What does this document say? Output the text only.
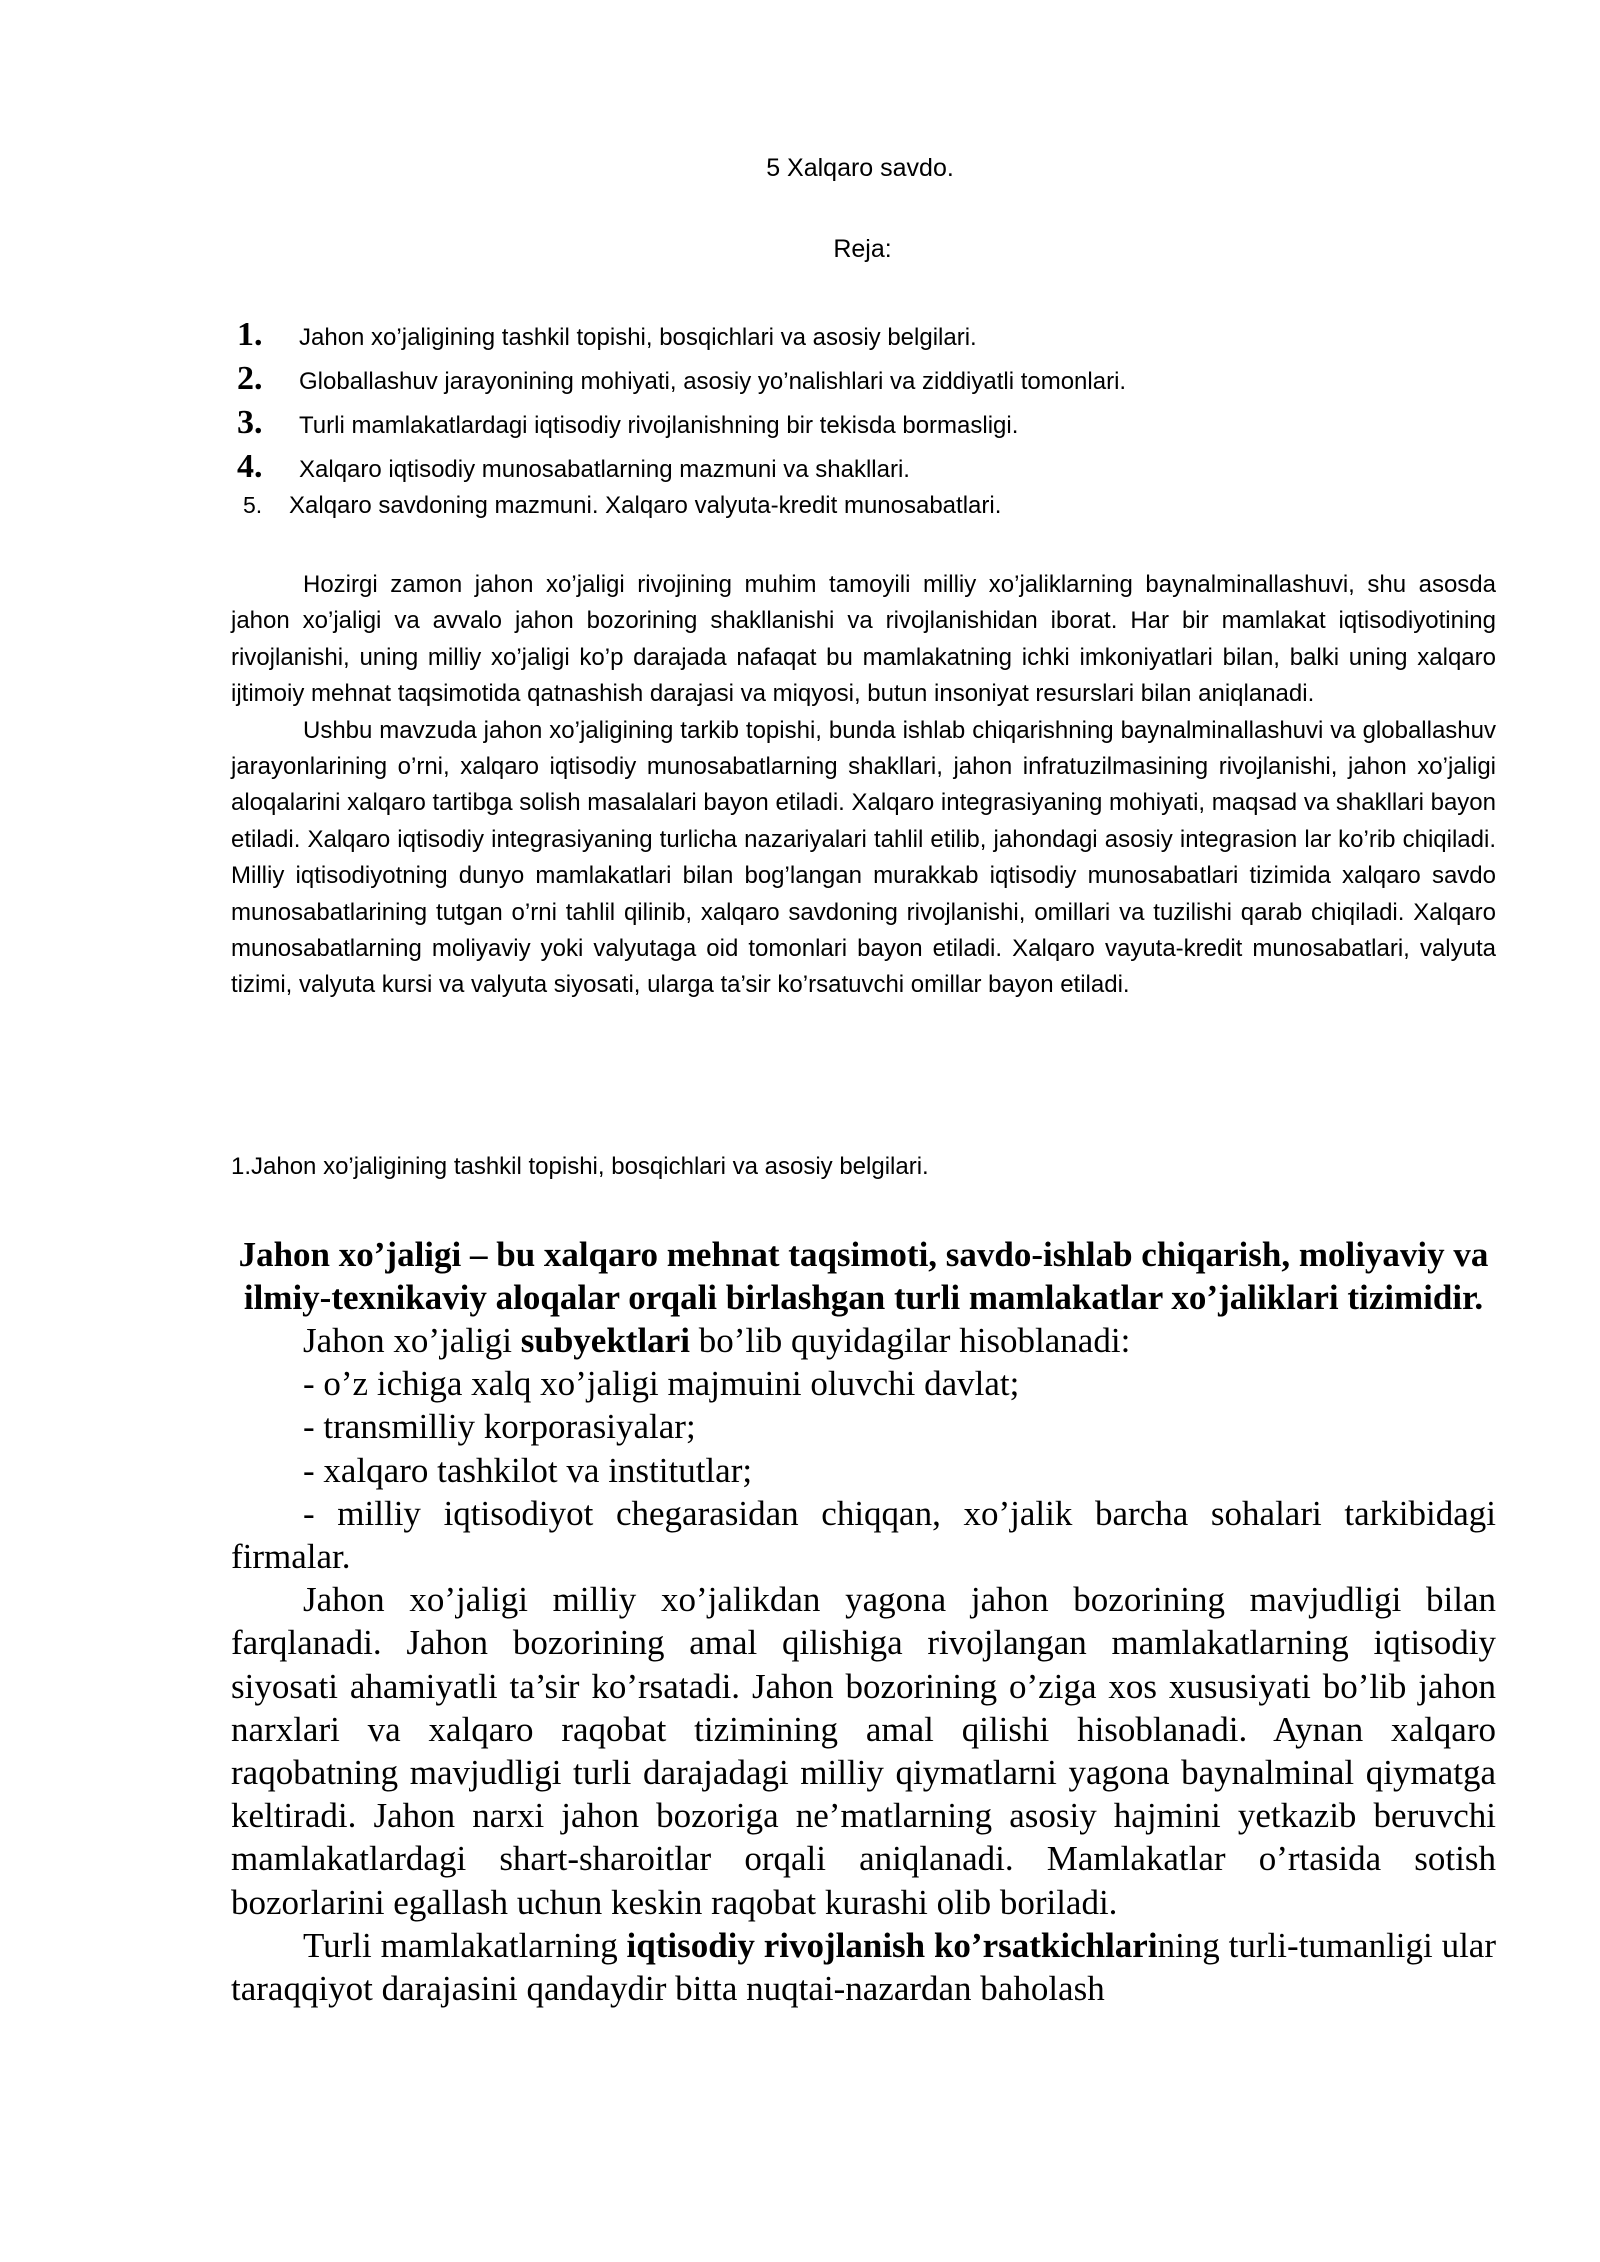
5 Xalqaro savdo.
Reja:
1.	Jahon xo’jaligining tashkil topishi, bosqichlari va asosiy belgilari.
2.	Globallashuv jarayonining mohiyati, asosiy yo’nalishlari va ziddiyatli tomonlari.
3.	Turli mamlakatlardagi iqtisodiy rivojlanishning bir tekisda bormasligi.
4.	Xalqaro iqtisodiy munosabatlarning mazmuni va shakllari.
5.	Xalqaro savdoning mazmuni. Xalqaro valyuta-kredit munosabatlari.

Hozirgi zamon jahon xo’jaligi rivojining muhim tamoyili milliy xo’jaliklarning baynalminallashuvi, shu asosda jahon xo’jaligi va avvalo jahon bozorining shakllanishi va rivojlanishidan iborat. Har bir mamlakat iqtisodiyotining rivojlanishi, uning milliy xo’jaligi ko’p darajada nafaqat bu mamlakatning ichki imkoniyatlari bilan, balki uning xalqaro ijtimoiy mehnat taqsimotida qatnashish darajasi va miqyosi, butun insoniyat resurslari bilan aniqlanadi.

Ushbu mavzuda jahon xo’jaligining tarkib topishi, bunda ishlab chiqarishning baynalminallashuvi va globallashuv jarayonlarining o’rni, xalqaro iqtisodiy munosabatlarning shakllari, jahon infratuzilmasining rivojlanishi, jahon xo’jaligi aloqalarini xalqaro tartibga solish masalalari bayon etiladi. Xalqaro integrasiyaning mohiyati, maqsad va shakllari bayon etiladi. Xalqaro iqtisodiy integrasiyaning turlicha nazariyalari tahlil etilib, jahondagi asosiy integrasion lar ko’rib chiqiladi. Milliy iqtisodiyotning dunyo mamlakatlari bilan bog’langan murakkab iqtisodiy munosabatlari tizimida xalqaro savdo munosabatlarining tutgan o’rni tahlil qilinib, xalqaro savdoning rivojlanishi, omillari va tuzilishi qarab chiqiladi. Xalqaro munosabatlarning moliyaviy yoki valyutaga oid tomonlari bayon etiladi. Xalqaro vayuta-kredit munosabatlari, valyuta tizimi, valyuta kursi va valyuta siyosati, ularga ta’sir ko’rsatuvchi omillar bayon etiladi.

1.Jahon xo’jaligining tashkil topishi, bosqichlari va asosiy belgilari.

Jahon xo’jaligi – bu xalqaro mehnat taqsimoti, savdo-ishlab chiqarish, moliyaviy va ilmiy-texnikaviy aloqalar orqali birlashgan turli mamlakatlar xo’jaliklari tizimidir.

Jahon xo’jaligi subyektlari bo’lib quyidagilar hisoblanadi:

- o’z ichiga xalq xo’jaligi majmuini oluvchi davlat;

- transmilliy korporasiyalar;

- xalqaro tashkilot va institutlar;

- milliy iqtisodiyot chegarasidan chiqqan, xo’jalik barcha sohalari tarkibidagi firmalar.

Jahon xo’jaligi milliy xo’jalikdan yagona jahon bozorining mavjudligi bilan farqlanadi. Jahon bozorining amal qilishiga rivojlangan mamlakatlarning iqtisodiy siyosati ahamiyatli ta’sir ko’rsatadi. Jahon bozorining o’ziga xos xususiyati bo’lib jahon narxlari va xalqaro raqobat tizimining amal qilishi hisoblanadi. Aynan xalqaro raqobatning mavjudligi turli darajadagi milliy qiymatlarni yagona baynalminal qiymatga keltiradi. Jahon narxi jahon bozoriga ne’matlarning asosiy hajmini yetkazib beruvchi mamlakatlardagi shart-sharoitlar orqali aniqlanadi. Mamlakatlar o’rtasida sotish bozorlarini egallash uchun keskin raqobat kurashi olib boriladi.

Turli mamlakatlarning iqtisodiy rivojlanish ko’rsatkichlarining turli-tumanligi ular taraqqiyot darajasini qandaydir bitta nuqtai-nazardan baholash
